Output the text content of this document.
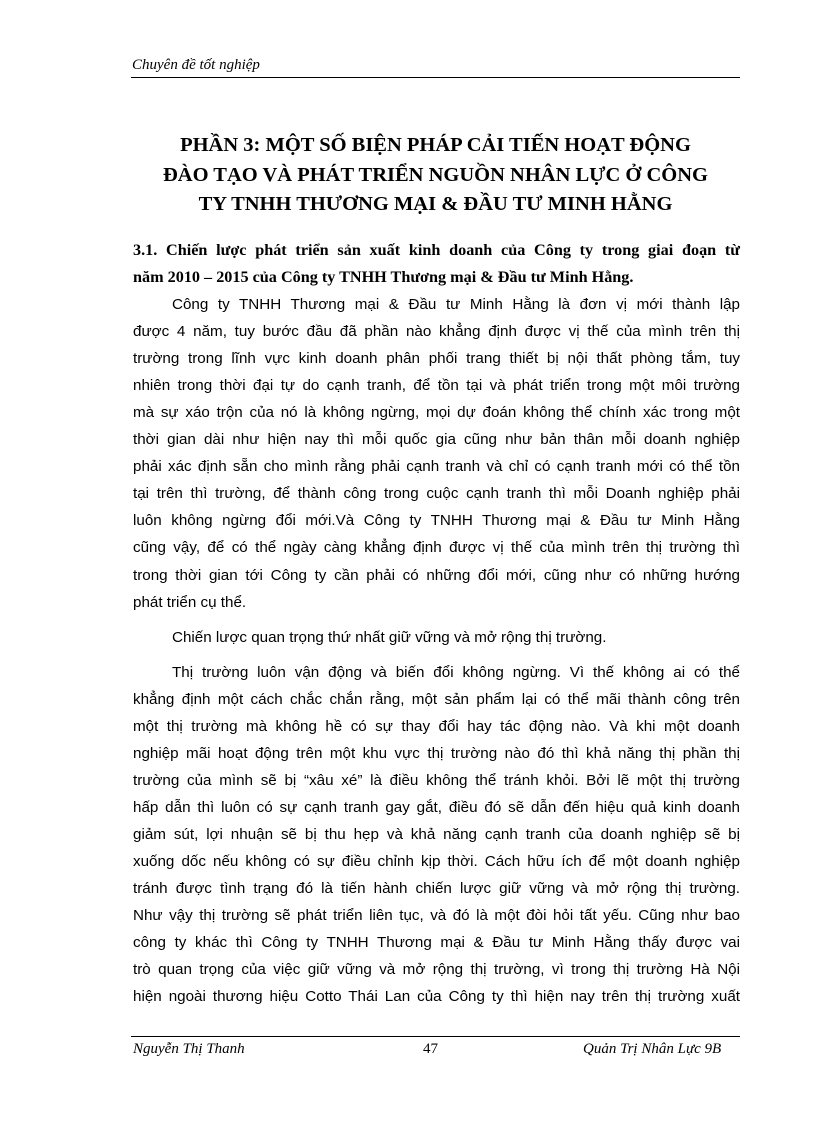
Chuyên đề tốt nghiệp
PHẦN 3: MỘT SỐ BIỆN PHÁP CẢI TIẾN HOẠT ĐỘNG
ĐÀO TẠO VÀ PHÁT TRIỂN NGUỒN NHÂN LỰC Ở CÔNG
TY TNHH THƯƠNG MẠI & ĐẦU TƯ MINH HẰNG
3.1. Chiến lược phát triển sản xuất kinh doanh của Công ty trong giai đoạn từ
năm 2010 – 2015 của Công ty TNHH Thương mại & Đầu tư Minh Hằng.
Công ty TNHH Thương mại & Đầu tư Minh Hằng là đơn vị mới thành lập
được 4 năm, tuy bước đầu đã phần nào khẳng định được vị thế của mình trên thị
trường trong lĩnh vực kinh doanh phân phối trang thiết bị nội thất phòng tắm, tuy
nhiên trong thời đại tự do cạnh tranh, để tồn tại và phát triển trong một môi trường
mà sự xáo trộn của nó là không ngừng, mọi dự đoán không thể chính xác trong một
thời gian dài như hiện nay thì mỗi quốc gia cũng như bản thân mỗi doanh nghiệp
phải xác định sẵn cho mình rằng phải cạnh tranh và chỉ có cạnh tranh mới có thể tồn
tại trên thì trường, để thành công trong cuộc cạnh tranh thì mỗi Doanh nghiệp phải
luôn không ngừng đổi mới.Và Công ty TNHH Thương mại & Đầu tư Minh Hằng
cũng vậy, để có thể ngày càng khẳng định được vị thế của mình trên thị trường thì
trong thời gian tới Công ty cần phải có những đổi mới, cũng như có những hướng
phát triển cụ thể.
Chiến lược quan trọng thứ nhất giữ vững và mở rộng thị trường.
Thị trường luôn vận động và biến đổi không ngừng. Vì thế không ai có thể
khẳng định một cách chắc chắn rằng, một sản phẩm lại có thể mãi thành công trên
một thị trường mà không hề có sự thay đổi hay tác động nào. Và khi một doanh
nghiệp mãi hoạt động trên một khu vực thị trường nào đó thì khả năng thị phần thị
trường của mình sẽ bị “xâu xé” là điều không thể tránh khỏi. Bởi lẽ một thị trường
hấp dẫn thì luôn có sự cạnh tranh gay gắt, điều đó sẽ dẫn đến hiệu quả kinh doanh
giảm sút, lợi nhuận sẽ bị thu hẹp và khả năng cạnh tranh của doanh nghiệp sẽ bị
xuống dốc nếu không có sự điều chỉnh kịp thời. Cách hữu ích để một doanh nghiệp
tránh được tình trạng đó là tiến hành chiến lược giữ vững và mở rộng thị trường.
Như vậy thị trường sẽ phát triển liên tục, và đó là một đòi hỏi tất yếu. Cũng như bao
công ty khác thì Công ty TNHH Thương mại & Đầu tư Minh Hằng thấy được vai
trò quan trọng của việc giữ vững và mở rộng thị trường, vì trong thị trường Hà Nội
hiện ngoài thương hiệu Cotto Thái Lan của Công ty thì hiện nay trên thị trường xuất
Nguyễn Thị Thanh	47	Quản Trị Nhân Lực 9B
